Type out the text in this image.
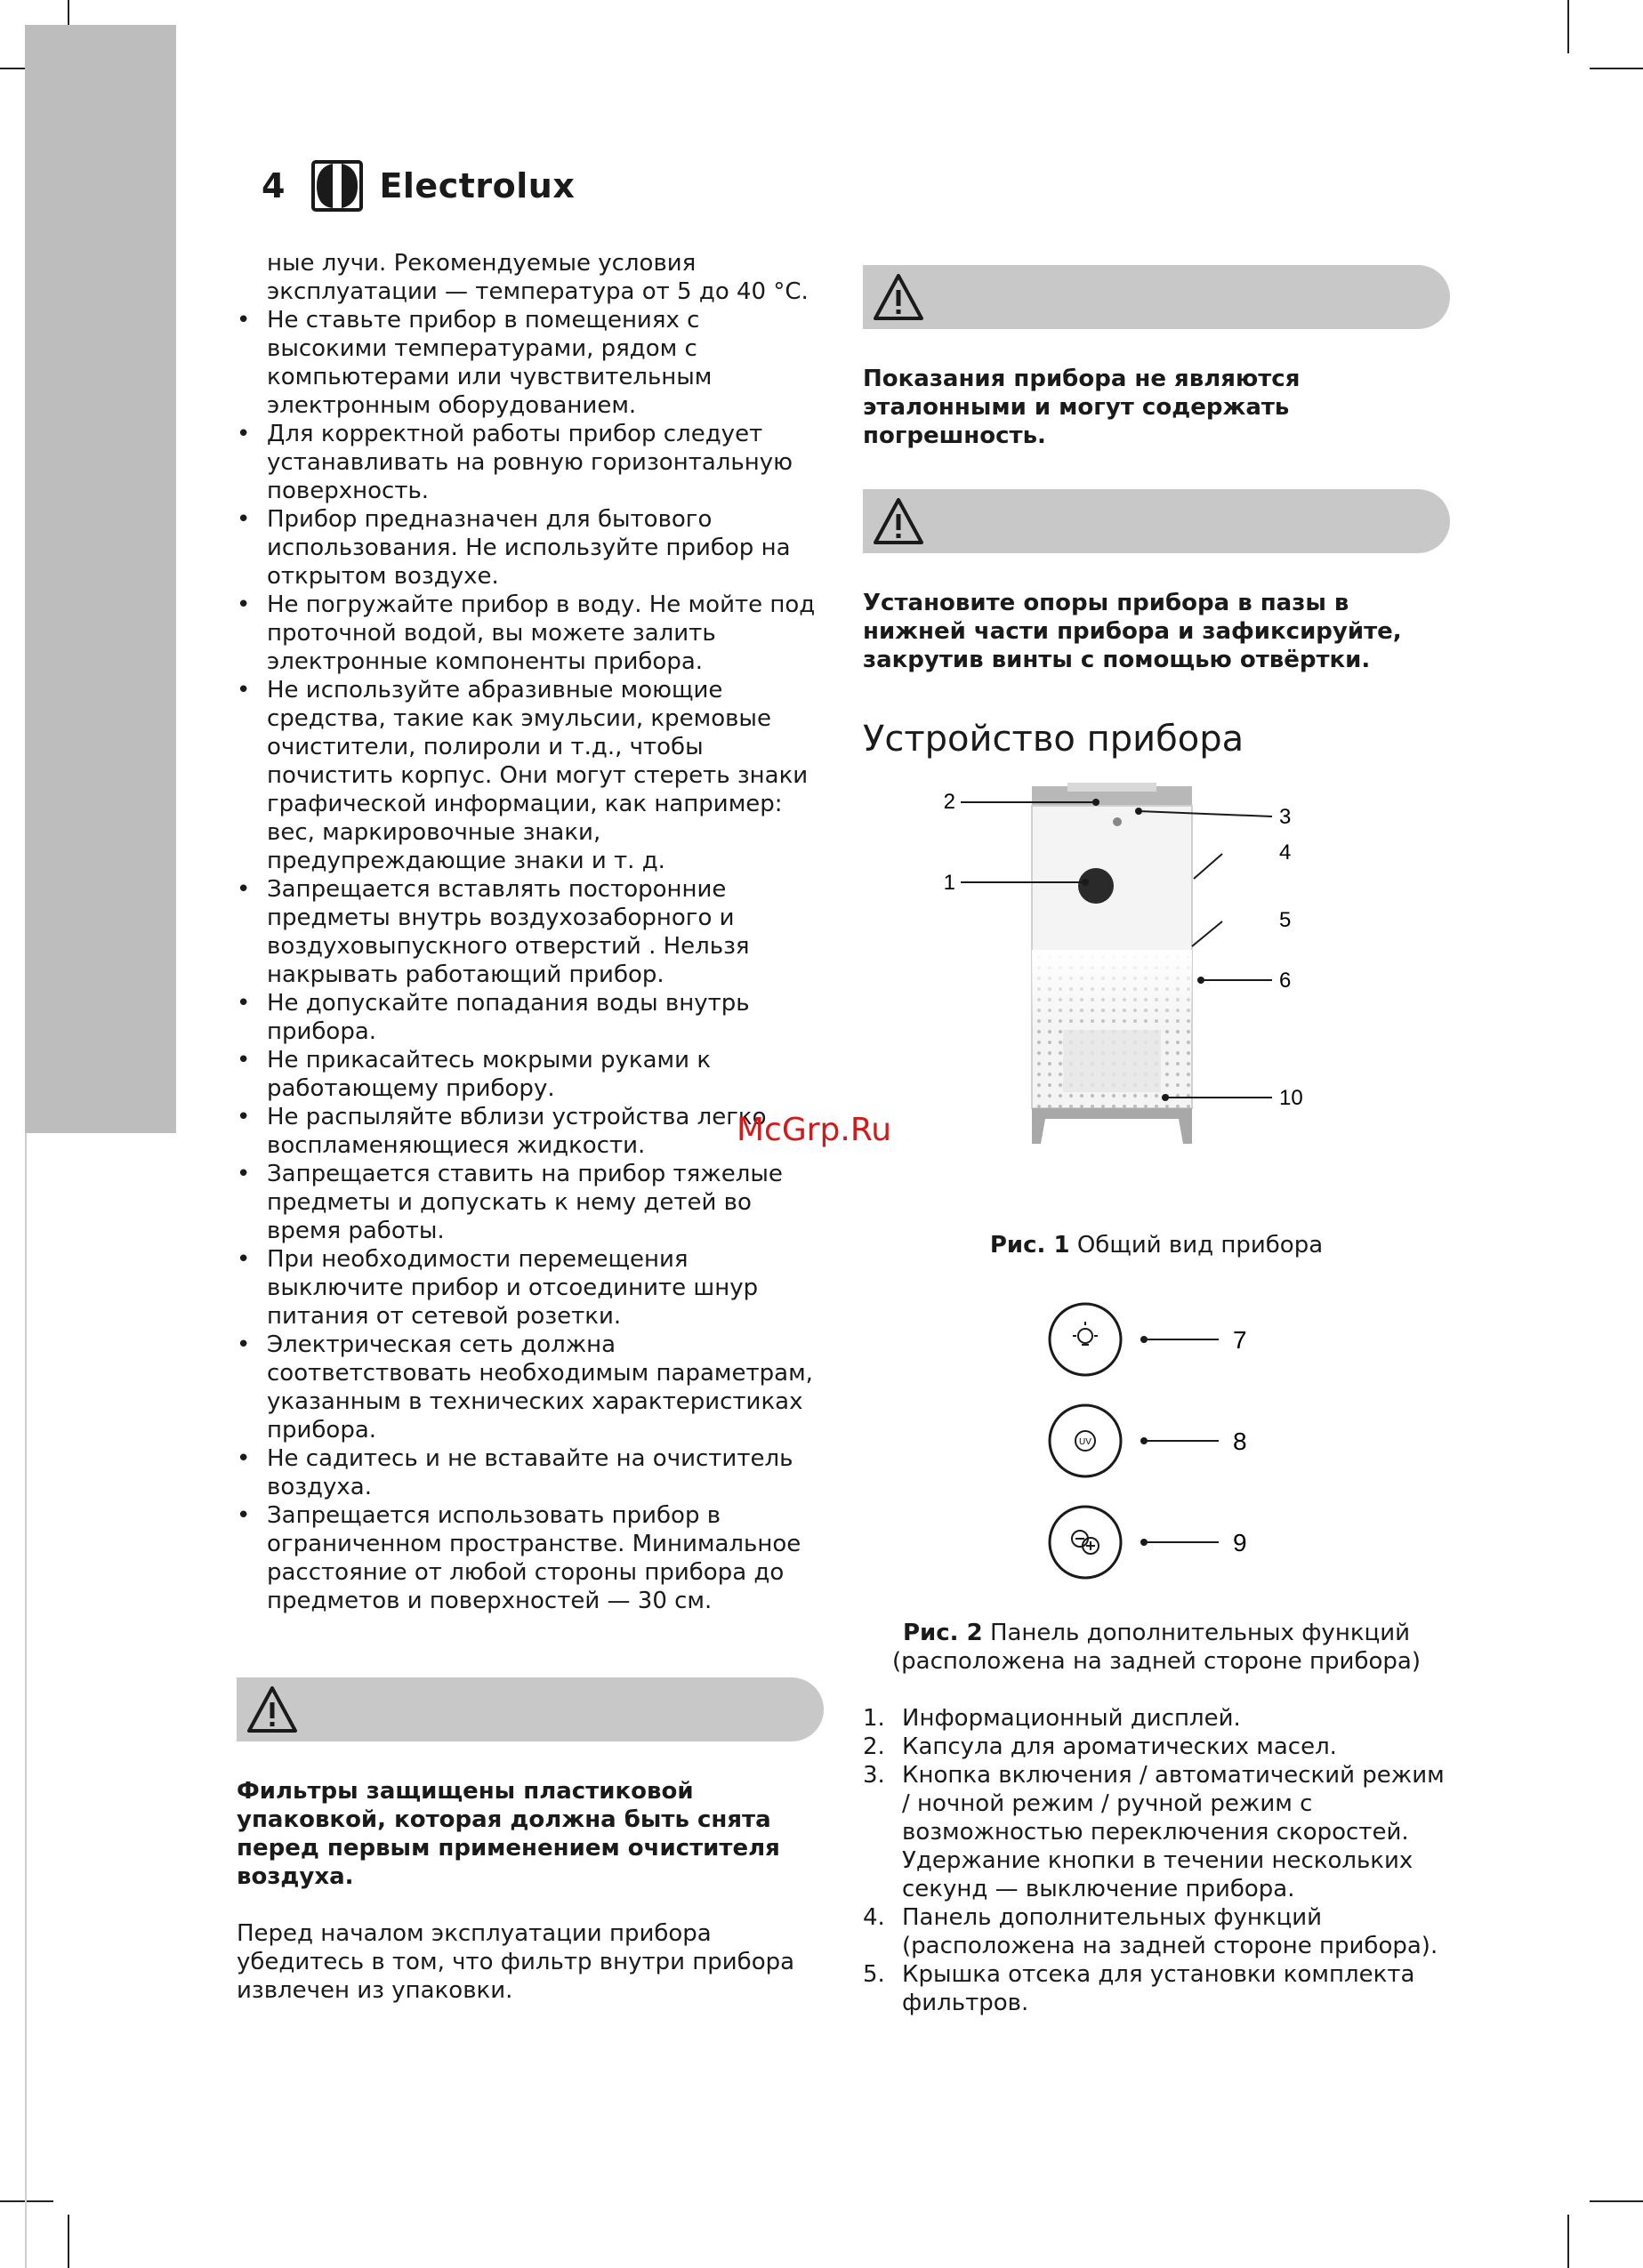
4	Electrolux

ные лучи. Рекомендуемые условия эксплуатации — температура от 5 до 40 °С.

• Не ставьте прибор в помещениях с высокими температурами, рядом с компьютерами или чувствительным электронным оборудованием.
• Для корректной работы прибор следует устанавливать на ровную горизонтальную поверхность.
• Прибор предназначен для бытового использования. Не используйте прибор на открытом воздухе.
• Не погружайте прибор в воду. Не мойте под проточной водой, вы можете залить электронные компоненты прибора.
• Не используйте абразивные моющие средства, такие как эмульсии, кремовые очистители, полироли и т.д., чтобы почистить корпус. Они могут стереть знаки графической информации, как например: вес, маркировочные знаки, предупреждающие знаки и т. д.
• Запрещается вставлять посторонние предметы внутрь воздухозаборного и воздуховыпускного отверстий . Нельзя накрывать работающий прибор.
• Не допускайте попадания воды внутрь прибора.
• Не прикасайтесь мокрыми руками к работающему прибору.
• Не распыляйте вблизи устройства легко воспламеняющиеся жидкости.
• Запрещается ставить на прибор тяжелые предметы и допускать к нему детей во время работы.
• При необходимости перемещения выключите прибор и отсоедините шнур питания от сетевой розетки.
• Электрическая сеть должна соответствовать необходимым параметрам, указанным в технических характеристиках прибора.
• Не садитесь и не вставайте на очиститель воздуха.
• Запрещается использовать прибор в ограниченном пространстве. Минимальное расстояние от любой стороны прибора до предметов и поверхностей — 30 см.

Фильтры защищены пластиковой упаковкой, которая должна быть снята перед первым применением очистителя воздуха.

Перед началом эксплуатации прибора убедитесь в том, что фильтр внутри прибора извлечен из упаковки.

Показания прибора не являются эталонными и могут содержать погрешность.

Установите опоры прибора в пазы в нижней части прибора и зафиксируйте, закрутив винты с помощью отвёртки.

Устройство прибора
2
3
1
4
5
6
10
Рис. 1 Общий вид прибора
7
UV	8
9
Рис. 2 Панель дополнительных функций (расположена на задней стороне прибора)
1. Информационный дисплей.
2. Капсула для ароматических масел.
3. Кнопка включения / автоматический режим / ночной режим / ручной режим с возможностью переключения скоростей. Удержание кнопки в течении нескольких секунд — выключение прибора.
4. Панель дополнительных функций (расположена на задней стороне прибора).
5. Крышка отсека для установки комплекта фильтров.
McGrp.Ru
